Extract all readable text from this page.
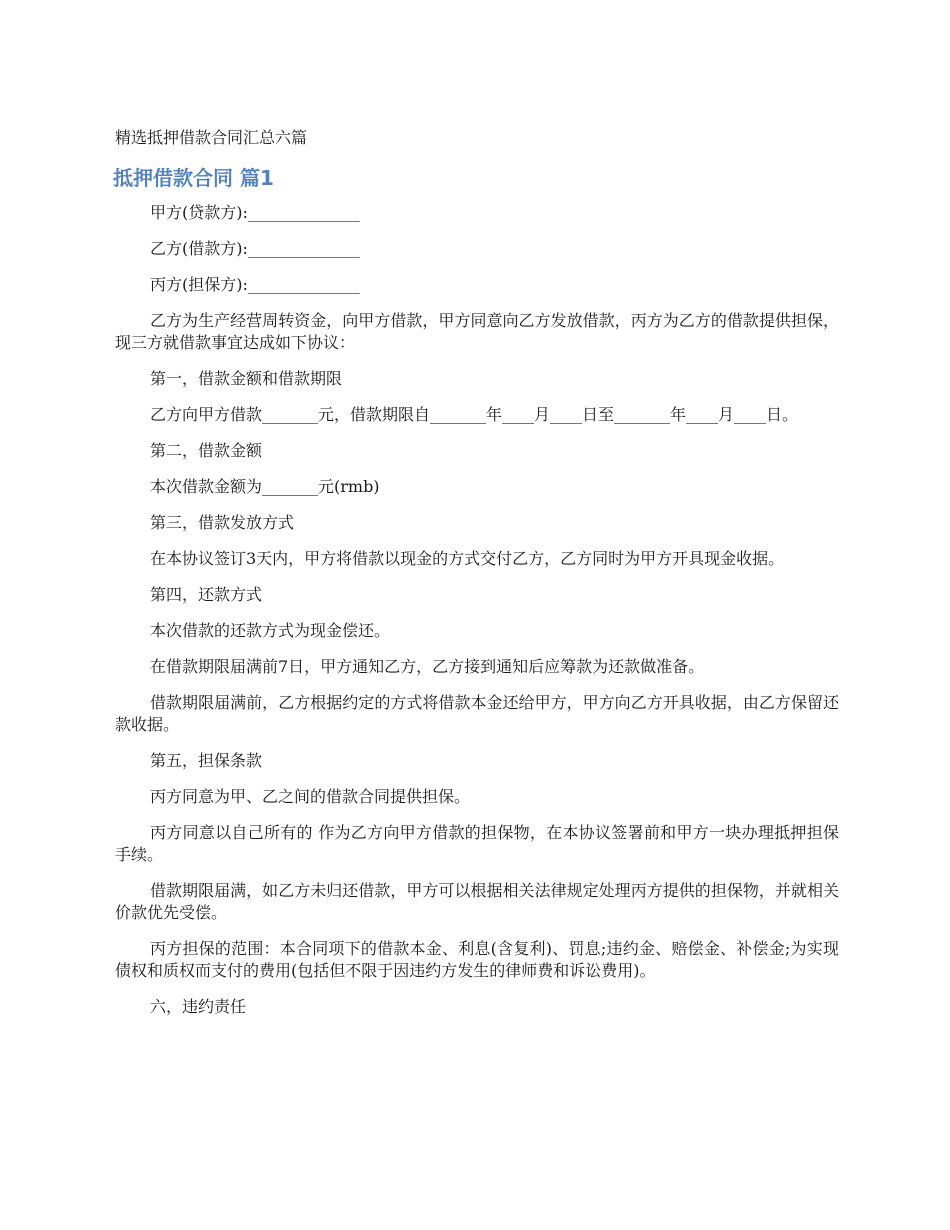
精选抵押借款合同汇总六篇
抵押借款合同 篇1

甲方(贷款方):______________

乙方(借款方):______________

丙方(担保方):______________

乙方为生产经营周转资金，向甲方借款，甲方同意向乙方发放借款，丙方为乙方的借款提供担保，现三方就借款事宜达成如下协议：

第一，借款金额和借款期限

乙方向甲方借款_______元，借款期限自_______年____月____日至_______年____月____日。

第二，借款金额

本次借款金额为_______元(rmb)

第三，借款发放方式

在本协议签订3天内，甲方将借款以现金的方式交付乙方，乙方同时为甲方开具现金收据。

第四，还款方式

本次借款的还款方式为现金偿还。

在借款期限届满前7日，甲方通知乙方，乙方接到通知后应筹款为还款做准备。

借款期限届满前，乙方根据约定的方式将借款本金还给甲方，甲方向乙方开具收据，由乙方保留还款收据。

第五，担保条款

丙方同意为甲、乙之间的借款合同提供担保。

丙方同意以自己所有的 作为乙方向甲方借款的担保物，在本协议签署前和甲方一块办理抵押担保手续。

借款期限届满，如乙方未归还借款，甲方可以根据相关法律规定处理丙方提供的担保物，并就相关价款优先受偿。

丙方担保的范围：本合同项下的借款本金、利息(含复利)、罚息;违约金、赔偿金、补偿金;为实现债权和质权而支付的费用(包括但不限于因违约方发生的律师费和诉讼费用)。

六，违约责任
